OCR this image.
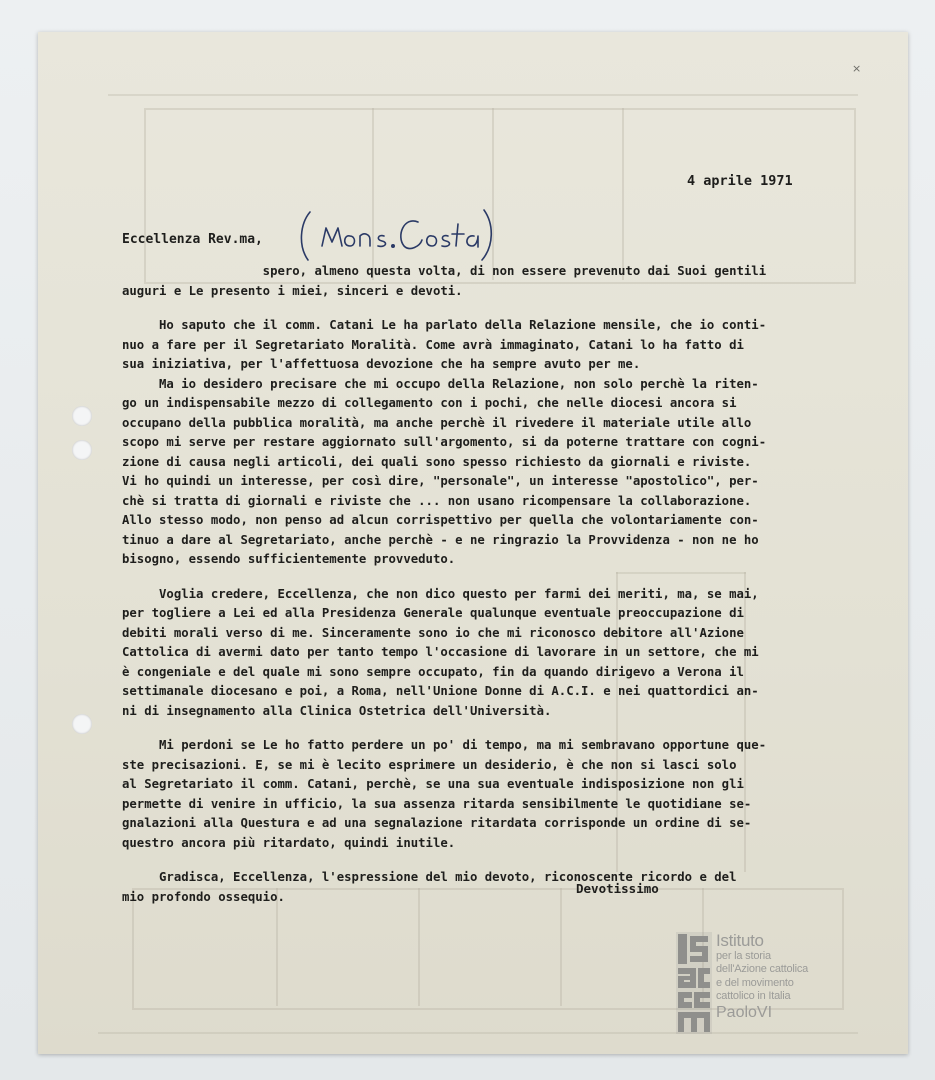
×
4 aprile 1971
Eccellenza Rev.ma,
(Mons. Costa)
spero, almeno questa volta, di non essere prevenuto dai Suoi gentili
auguri e Le presento i miei, sinceri e devoti.
Ho saputo che il comm. Catani Le ha parlato della Relazione mensile, che io conti-
nuo a fare per il Segretariato Moralità. Come avrà immaginato, Catani lo ha fatto di
sua iniziativa, per l'affettuosa devozione che ha sempre avuto per me.
Ma io desidero precisare che mi occupo della Relazione, non solo perchè la riten-
go un indispensabile mezzo di collegamento con i pochi, che nelle diocesi ancora si
occupano della pubblica moralità, ma anche perchè il rivedere il materiale utile allo
scopo mi serve per restare aggiornato sull'argomento, si da poterne trattare con cogni-
zione di causa negli articoli, dei quali sono spesso richiesto da giornali e riviste.
Vi ho quindi un interesse, per così dire, "personale", un interesse "apostolico", per-
chè si tratta di giornali e riviste che ... non usano ricompensare la collaborazione.
Allo stesso modo, non penso ad alcun corrispettivo per quella che volontariamente con-
tinuo a dare al Segretariato, anche perchè - e ne ringrazio la Provvidenza - non ne ho
bisogno, essendo sufficientemente provveduto.
Voglia credere, Eccellenza, che non dico questo per farmi dei meriti, ma, se mai,
per togliere a Lei ed alla Presidenza Generale qualunque eventuale preoccupazione di
debiti morali verso di me. Sinceramente sono io che mi riconosco debitore all'Azione
Cattolica di avermi dato per tanto tempo l'occasione di lavorare in un settore, che mi
è congeniale e del quale mi sono sempre occupato, fin da quando dirigevo a Verona il
settimanale diocesano e poi, a Roma, nell'Unione Donne di A.C.I. e nei quattordici an-
ni di insegnamento alla Clinica Ostetrica dell'Università.
Mi perdoni se Le ho fatto perdere un po' di tempo, ma mi sembravano opportune que-
ste precisazioni. E, se mi è lecito esprimere un desiderio, è che non si lasci solo
al Segretariato il comm. Catani, perchè, se una sua eventuale indisposizione non gli
permette di venire in ufficio, la sua assenza ritarda sensibilmente le quotidiane se-
gnalazioni alla Questura e ad una segnalazione ritardata corrisponde un ordine di se-
questro ancora più ritardato, quindi inutile.
Gradisca, Eccellenza, l'espressione del mio devoto, riconoscente ricordo e del
mio profondo ossequio.
Devotissimo
Istituto
per la storia
dell'Azione cattolica
e del movimento
cattolico in Italia
PaoloVI
